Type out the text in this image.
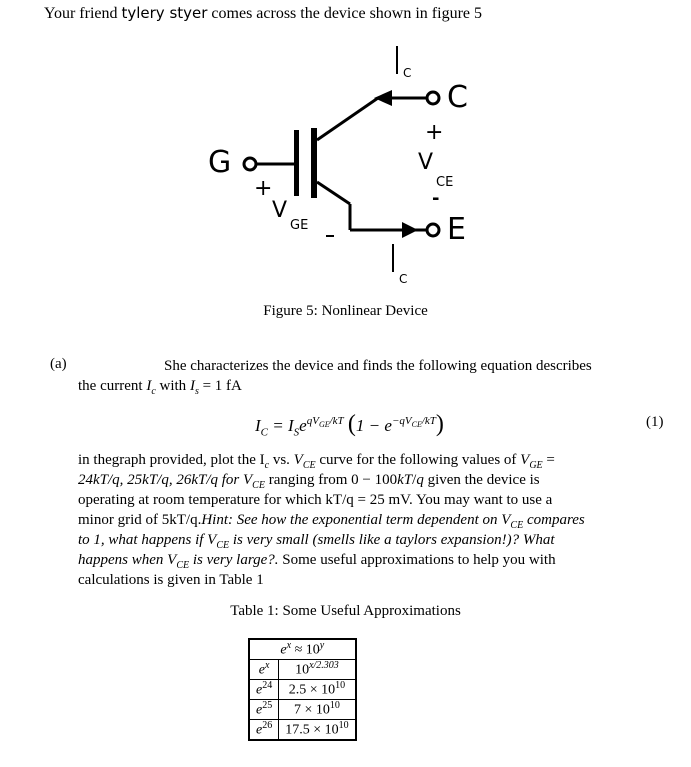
Your friend tylery styer comes across the device shown in figure 5
G
C
E
C
C
+
V
CE
-
+
V
GE
Figure 5: Nonlinear Device
(a)	She characterizes the device and finds the following equation describes
the current $I_c$ with $I_s = 1$ fA
$I_C = I_Se^{qV_{GE}/kT}$ $(1 - e^{-qV_{CE}/kT})$	(1)
in thegraph provided, plot the $I_c$ vs. $V_{CE}$ curve for the following values of $V_{GE}$ =
24kT/q, 25kT/q, 26kT/q for $V_{CE}$ ranging from 0 − 100kT/q given the device is
operating at room temperature for which kT/q = 25 mV. You may want to use a
minor grid of 5kT/q.Hint: See how the exponential term dependent on $V_{CE}$ compares
to 1, what happens if $V_{CE}$ is very small (smells like a taylors expansion!)? What
happens when $V_{CE}$ is very large?. Some useful approximations to help you with
calculations is given in Table 1
Table 1: Some Useful Approximations
$e^x \approx 10^y$
$e^x$	$10^{x/2.303}$
$e^{24}$	$2.5 \times 10^{10}$
$e^{25}$	$7 \times 10^{10}$
$e^{26}$	$17.5 \times 10^{10}$
